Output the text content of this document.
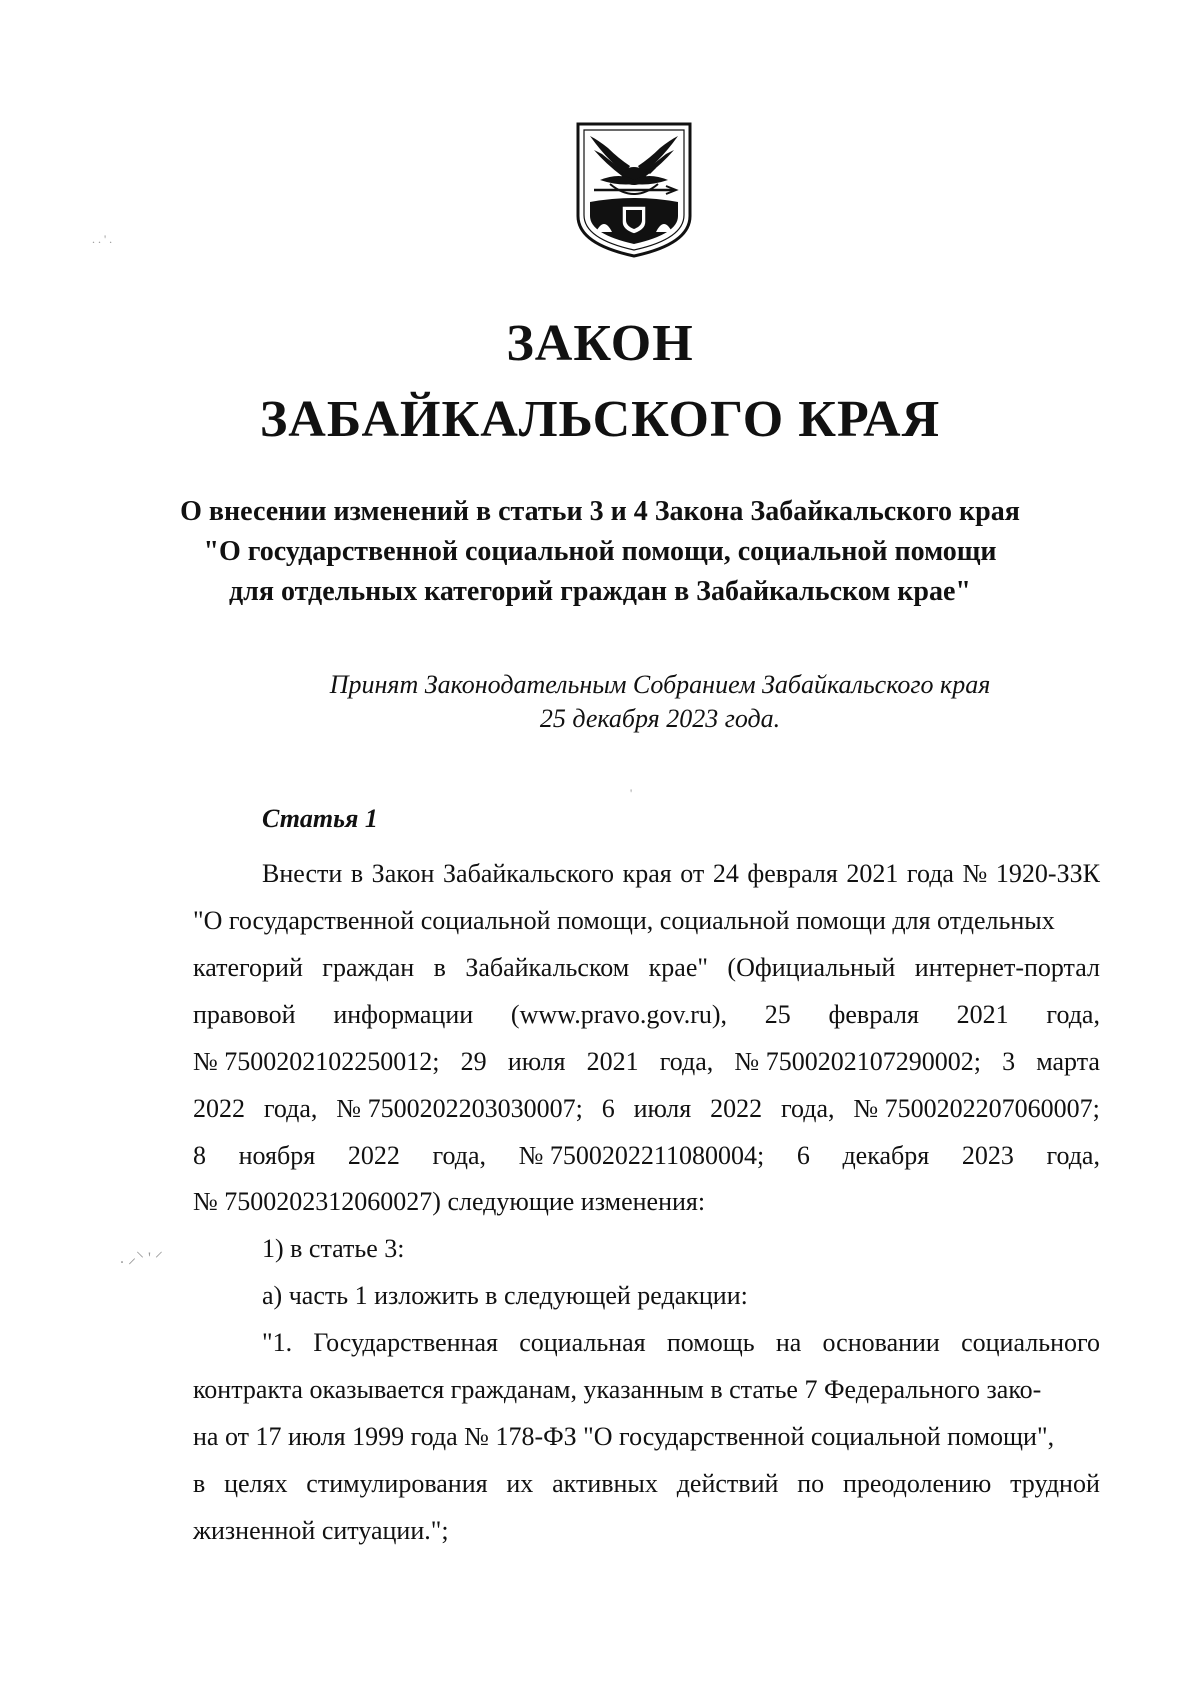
ЗАКОН
ЗАБАЙКАЛЬСКОГО КРАЯ
О внесении изменений в статьи 3 и 4 Закона Забайкальского края
"О государственной социальной помощи, социальной помощи
для отдельных категорий граждан в Забайкальском крае"
Принят Законодательным Собранием Забайкальского края
25 декабря 2023 года.
Статья 1
Внести в Закон Забайкальского края от 24 февраля 2021 года № 1920-ЗЗК
"О государственной социальной помощи, социальной помощи для отдельных
категорий граждан в Забайкальском крае" (Официальный интернет-портал
правовой информации (www.pravo.gov.ru), 25 февраля 2021 года,
№ 7500202102250012; 29 июля 2021 года, № 7500202107290002; 3 марта
2022 года, № 7500202203030007; 6 июля 2022 года, № 7500202207060007;
8 ноября 2022 года, № 7500202211080004; 6 декабря 2023 года,
№ 7500202312060027) следующие изменения:
1) в статье 3:
а) часть 1 изложить в следующей редакции:
"1. Государственная социальная помощь на основании социального
контракта оказывается гражданам, указанным в статье 7 Федерального зако-
на от 17 июля 1999 года № 178-ФЗ "О государственной социальной помощи",
в целях стимулирования их активных действий по преодолению трудной
жизненной ситуации.";
. . ' .
. ⸝⸌ ' ⸍
'
